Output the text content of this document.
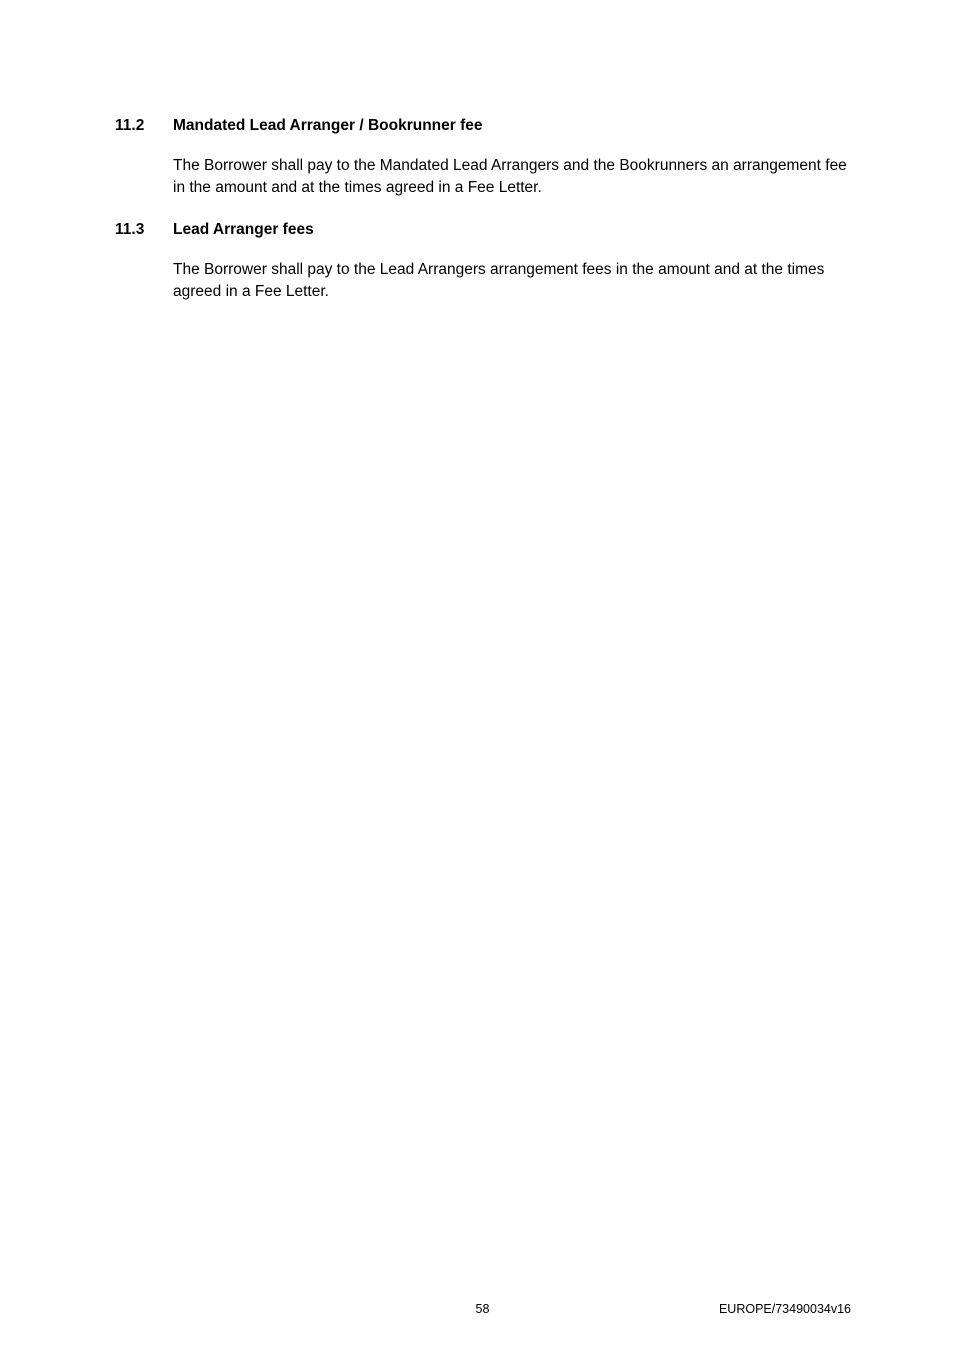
11.2 Mandated Lead Arranger / Bookrunner fee
The Borrower shall pay to the Mandated Lead Arrangers and the Bookrunners an arrangement fee in the amount and at the times agreed in a Fee Letter.
11.3 Lead Arranger fees
The Borrower shall pay to the Lead Arrangers arrangement fees in the amount and at the times agreed in a Fee Letter.
58	EUROPE/73490034v16
